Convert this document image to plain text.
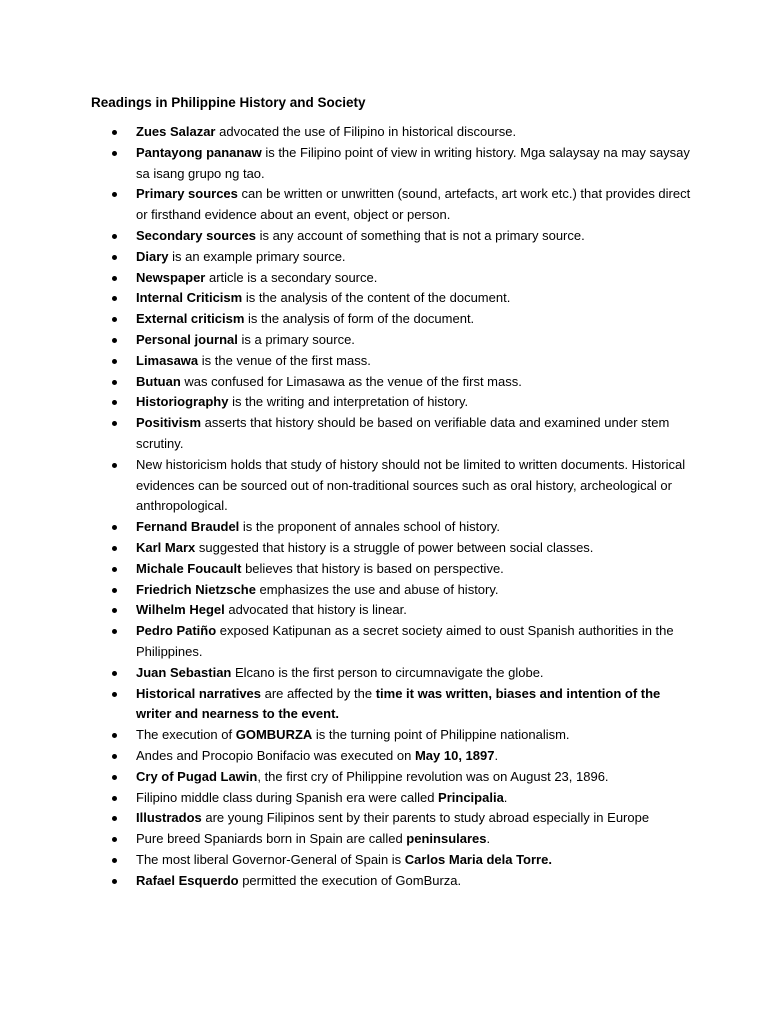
Readings in Philippine History and Society
Zues Salazar advocated the use of Filipino in historical discourse.
Pantayong pananaw is the Filipino point of view in writing history. Mga salaysay na may saysay sa isang grupo ng tao.
Primary sources can be written or unwritten (sound, artefacts, art work etc.) that provides direct or firsthand evidence about an event, object or person.
Secondary sources is any account of something that is not a primary source.
Diary is an example primary source.
Newspaper article is a secondary source.
Internal Criticism is the analysis of the content of the document.
External criticism is the analysis of form of the document.
Personal journal is a primary source.
Limasawa is the venue of the first mass.
Butuan was confused for Limasawa as the venue of the first mass.
Historiography is the writing and interpretation of history.
Positivism asserts that history should be based on verifiable data and examined under stem scrutiny.
New historicism holds that study of history should not be limited to written documents. Historical evidences can be sourced out of non-traditional sources such as oral history, archeological or anthropological.
Fernand Braudel is the proponent of annales school of history.
Karl Marx suggested that history is a struggle of power between social classes.
Michale Foucault believes that history is based on perspective.
Friedrich Nietzsche emphasizes the use and abuse of history.
Wilhelm Hegel advocated that history is linear.
Pedro Patiño exposed Katipunan as a secret society aimed to oust Spanish authorities in the Philippines.
Juan Sebastian Elcano is the first person to circumnavigate the globe.
Historical narratives are affected by the time it was written, biases and intention of the writer and nearness to the event.
The execution of GOMBURZA is the turning point of Philippine nationalism.
Andes and Procopio Bonifacio was executed on May 10, 1897.
Cry of Pugad Lawin, the first cry of Philippine revolution was on August 23, 1896.
Filipino middle class during Spanish era were called Principalia.
Illustrados are young Filipinos sent by their parents to study abroad especially in Europe
Pure breed Spaniards born in Spain are called peninsulares.
The most liberal Governor-General of Spain is Carlos Maria dela Torre.
Rafael Esquerdo permitted the execution of GomBurza.
